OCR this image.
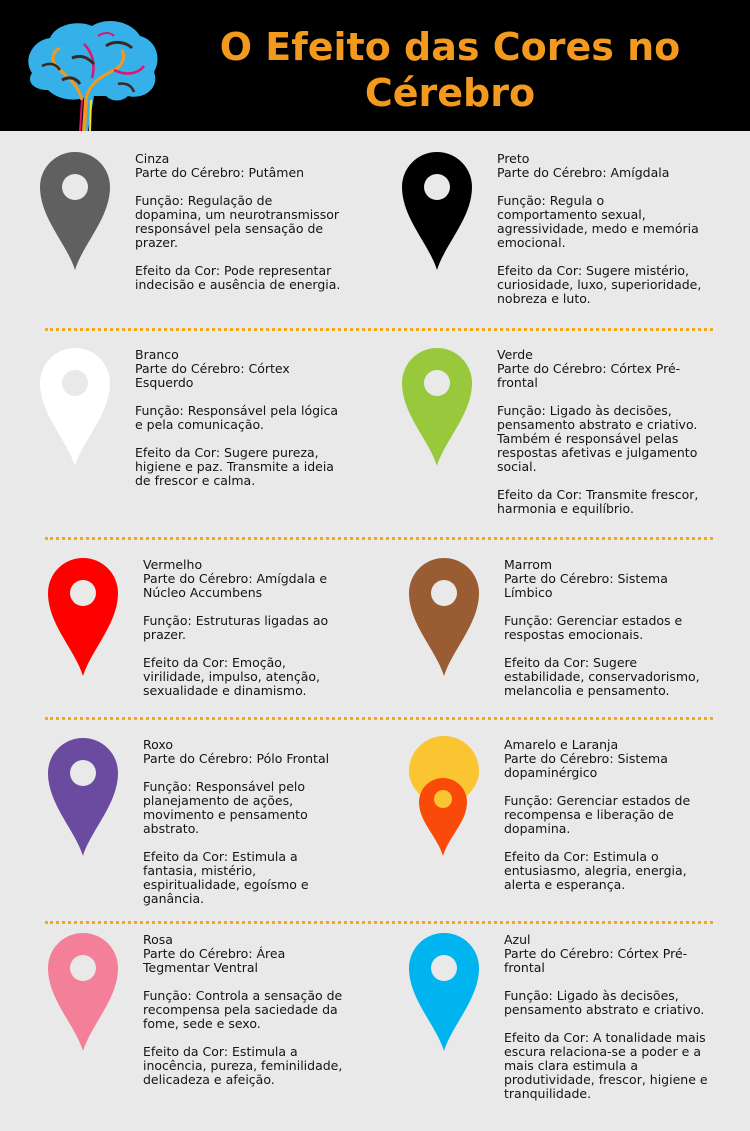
O Efeito das Cores no
Cérebro
Cinza
Parte do Cérebro: Putâmen
Função: Regulação de
dopamina, um neurotransmissor
responsável pela sensação de
prazer.
Efeito da Cor: Pode representar
indecisão e ausência de energia.
Preto
Parte do Cérebro: Amígdala
Função: Regula o
comportamento sexual,
agressividade, medo e memória
emocional.
Efeito da Cor: Sugere mistério,
curiosidade, luxo, superioridade,
nobreza e luto.
Branco
Parte do Cérebro: Córtex
Esquerdo
Função: Responsável pela lógica
e pela comunicação.
Efeito da Cor: Sugere pureza,
higiene e paz. Transmite a ideia
de frescor e calma.
Verde
Parte do Cérebro: Córtex Pré-
frontal
Função: Ligado às decisões,
pensamento abstrato e criativo.
Também é responsável pelas
respostas afetivas e julgamento
social.
Efeito da Cor: Transmite frescor,
harmonia e equilíbrio.
Vermelho
Parte do Cérebro: Amígdala e
Núcleo Accumbens
Função: Estruturas ligadas ao
prazer.
Efeito da Cor: Emoção,
virilidade, impulso, atenção,
sexualidade e dinamismo.
Marrom
Parte do Cérebro: Sistema
Límbico
Função: Gerenciar estados e
respostas emocionais.
Efeito da Cor: Sugere
estabilidade, conservadorismo,
melancolia e pensamento.
Roxo
Parte do Cérebro: Pólo Frontal
Função: Responsável pelo
planejamento de ações,
movimento e pensamento
abstrato.
Efeito da Cor: Estimula a
fantasia, mistério,
espiritualidade, egoísmo e
ganância.
Amarelo e Laranja
Parte do Cérebro: Sistema
dopaminérgico
Função: Gerenciar estados de
recompensa e liberação de
dopamina.
Efeito da Cor: Estimula o
entusiasmo, alegria, energia,
alerta e esperança.
Rosa
Parte do Cérebro: Área
Tegmentar Ventral
Função: Controla a sensação de
recompensa pela saciedade da
fome, sede e sexo.
Efeito da Cor: Estimula a
inocência, pureza, feminilidade,
delicadeza e afeição.
Azul
Parte do Cérebro: Córtex Pré-
frontal
Função: Ligado às decisões,
pensamento abstrato e criativo.
Efeito da Cor: A tonalidade mais
escura relaciona-se a poder e a
mais clara estimula a
produtividade, frescor, higiene e
tranquilidade.
